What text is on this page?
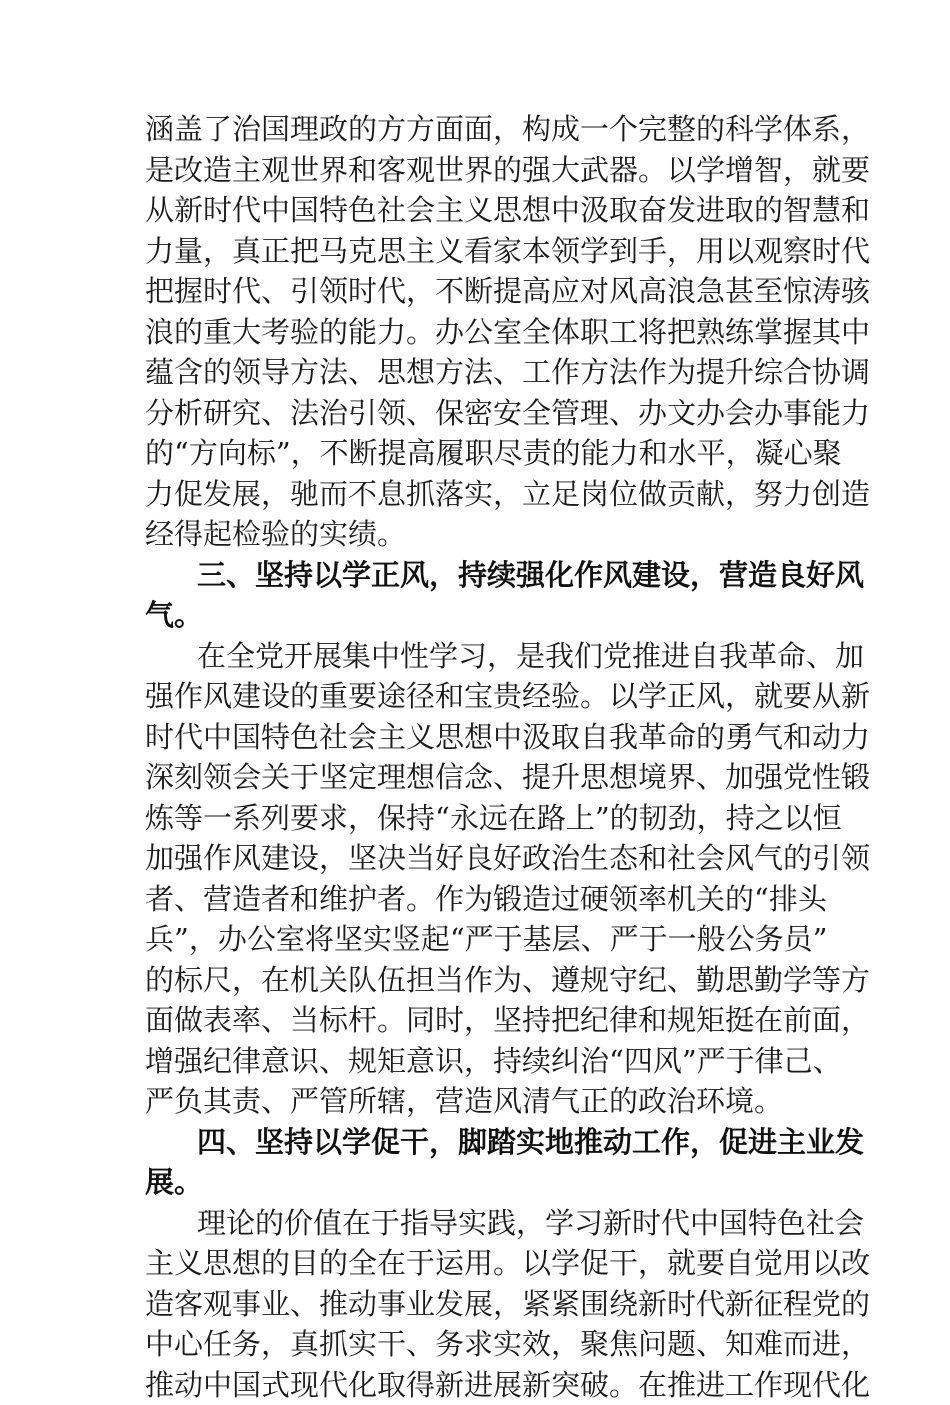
涵盖了治国理政的方方面面，构成一个完整的科学体系，
是改造主观世界和客观世界的强大武器。以学增智，就要
从新时代中国特色社会主义思想中汲取奋发进取的智慧和
力量，真正把马克思主义看家本领学到手，用以观察时代
把握时代、引领时代，不断提高应对风高浪急甚至惊涛骇
浪的重大考验的能力。办公室全体职工将把熟练掌握其中
蕴含的领导方法、思想方法、工作方法作为提升综合协调
分析研究、法治引领、保密安全管理、办文办会办事能力
的“方向标”，不断提高履职尽责的能力和水平，凝心聚
力促发展，驰而不息抓落实，立足岗位做贡献，努力创造
经得起检验的实绩。
三、坚持以学正风，持续强化作风建设，营造良好风
气。
在全党开展集中性学习，是我们党推进自我革命、加
强作风建设的重要途径和宝贵经验。以学正风，就要从新
时代中国特色社会主义思想中汲取自我革命的勇气和动力
深刻领会关于坚定理想信念、提升思想境界、加强党性锻
炼等一系列要求，保持“永远在路上”的韧劲，持之以恒
加强作风建设，坚决当好良好政治生态和社会风气的引领
者、营造者和维护者。作为锻造过硬领率机关的“排头
兵”，办公室将坚实竖起“严于基层、严于一般公务员”
的标尺，在机关队伍担当作为、遵规守纪、勤思勤学等方
面做表率、当标杆。同时，坚持把纪律和规矩挺在前面，
增强纪律意识、规矩意识，持续纠治“四风”严于律己、
严负其责、严管所辖，营造风清气正的政治环境。
四、坚持以学促干，脚踏实地推动工作，促进主业发
展。
理论的价值在于指导实践，学习新时代中国特色社会
主义思想的目的全在于运用。以学促干，就要自觉用以改
造客观事业、推动事业发展，紧紧围绕新时代新征程党的
中心任务，真抓实干、务求实效，聚焦问题、知难而进，
推动中国式现代化取得新进展新突破。在推进工作现代化
